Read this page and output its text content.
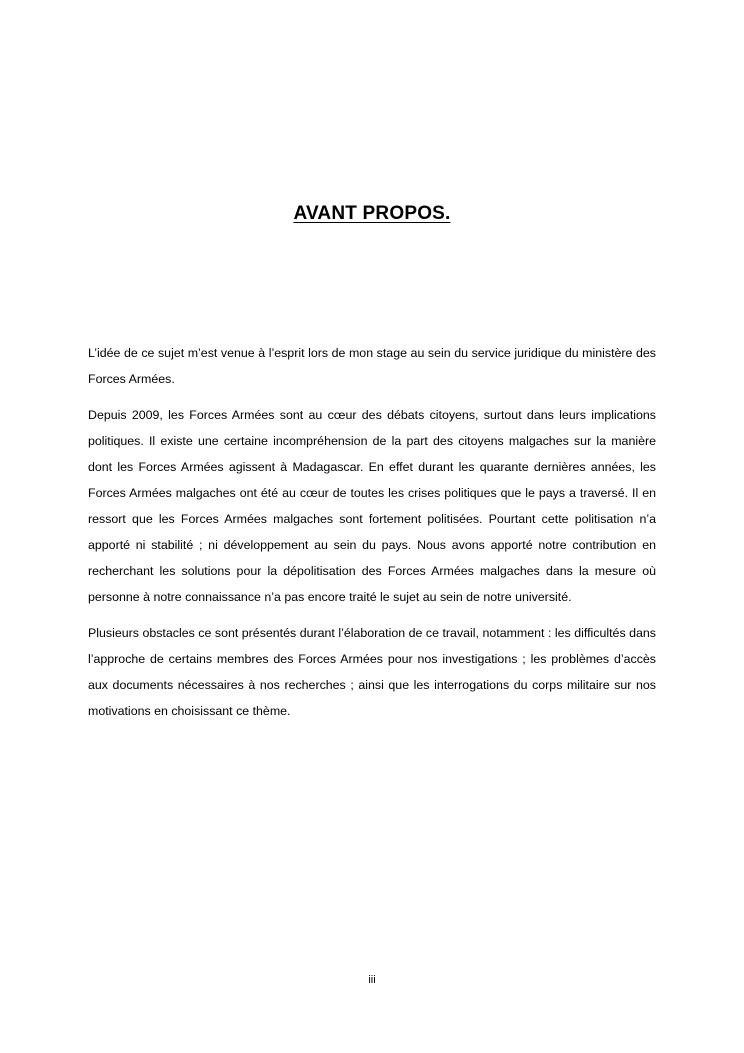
AVANT PROPOS.

L’idée de ce sujet m’est venue à l’esprit lors de mon stage au sein du service juridique du ministère des Forces Armées.

Depuis 2009, les Forces Armées sont au cœur des débats citoyens, surtout dans leurs implications politiques. Il existe une certaine incompréhension de la part des citoyens malgaches sur la manière dont les Forces Armées agissent à Madagascar. En effet durant les quarante dernières années, les Forces Armées malgaches ont été au cœur de toutes les crises politiques que le pays a traversé. Il en ressort que les Forces Armées malgaches sont fortement politisées. Pourtant cette politisation n’a apporté ni stabilité ; ni développement au sein du pays. Nous avons apporté notre contribution en recherchant les solutions pour la dépolitisation des Forces Armées malgaches dans la mesure où personne à notre connaissance n’a pas encore traité le sujet au sein de notre université.

Plusieurs obstacles ce sont présentés durant l’élaboration de ce travail, notamment : les difficultés dans l’approche de certains membres des Forces Armées pour nos investigations ; les problèmes d’accès aux documents nécessaires à nos recherches ; ainsi que les interrogations du corps militaire sur nos motivations en choisissant ce thème.

iii
